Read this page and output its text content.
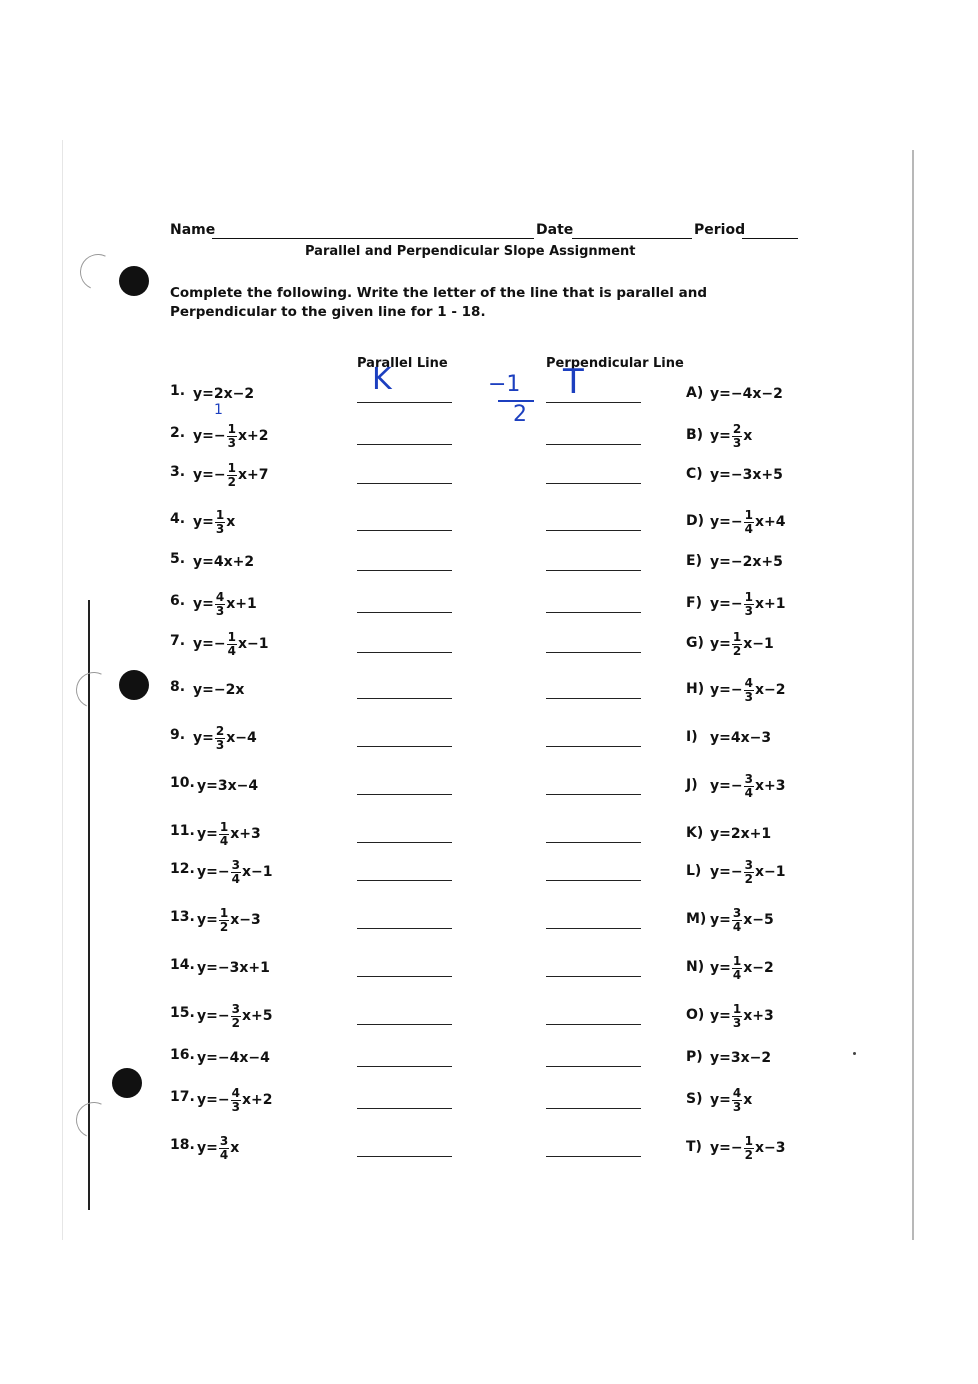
Name	Date	Period
Parallel and Perpendicular Slope Assignment
Complete the following. Write the letter of the line that is parallel and Perpendicular to the given line for 1 - 18.
Parallel Line	Perpendicular Line
1. y=2x−2	A) y=−4x−2
2. $y=- \frac{1}{3} x+2$	B) $y= \frac{2}{3}$ x
3. $y=- \frac{1}{2} x+7$	C) y=−3x+5
4. $y= \frac{1}{3}$ x	D) $y=- \frac{1}{4} x+4$
5. y=4x+2	E) y=−2x+5
6. $y= \frac{4}{3} x+1$	F) $y=- \frac{1}{3} x+1$
7. $y=- \frac{1}{4} x-1$	G) $y= \frac{1}{2} x-1$
8. y=−2x	H) $y=- \frac{4}{3} x-2$
9. $y= \frac{2}{3} x-4$	I) y=4x−3
10. y=3x−4	J) $y=- \frac{3}{4} x+3$
11. $y= \frac{1}{4} x+3$	K) y=2x+1
12. $y=- \frac{3}{4} x-1$	L) $y=- \frac{3}{2} x-1$
13. $y= \frac{1}{2} x-3$	M) $y= \frac{3}{4} x-5$
14. y=−3x+1	N) $y= \frac{1}{4} x-2$
15. $y=- \frac{3}{2} x+5$	O) $y= \frac{1}{3} x+3$
16. y=−4x−4	P) y=3x−2
17. $y=- \frac{4}{3} x+2$	S) $y= \frac{4}{3}$ x
18. $y= \frac{3}{4}$ x	T) $y=- \frac{1}{2} x-3$
K	T
−1
2
1
